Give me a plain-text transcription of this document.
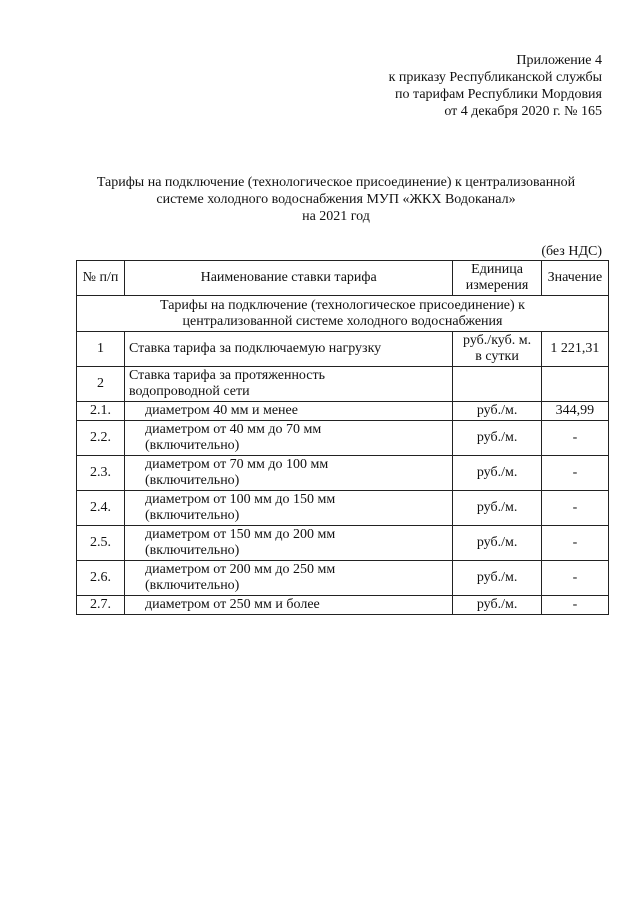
Приложение 4
к приказу Республиканской службы
по тарифам Республики Мордовия
от 4 декабря 2020 г. № 165
Тарифы на подключение (технологическое присоединение) к централизованной
системе холодного водоснабжения МУП «ЖКХ Водоканал»
на 2021 год
(без НДС)
№ п/п	Наименование ставки тарифа	Единица
измерения	Значение

Тарифы на подключение (технологическое присоединение) к
централизованной системе холодного водоснабжения			

1	Ставка тарифа за подключаемую нагрузку	руб./куб. м.
в сутки	1 221,31
2	Ставка тарифа за протяженность
водопроводной сети		

2.1.	диаметром 40 мм и менее	руб./м.	344,99
2.2.	диаметром от 40 мм до 70 мм
(включительно)	руб./м.	-
2.3.	диаметром от 70 мм до 100 мм
(включительно)	руб./м.	-
2.4.	диаметром от 100 мм до 150 мм
(включительно)	руб./м.	-
2.5.	диаметром от 150 мм до 200 мм
(включительно)	руб./м.	-
2.6.	диаметром от 200 мм до 250 мм
(включительно)	руб./м.	-
2.7.	диаметром от 250 мм и более	руб./м.	-
